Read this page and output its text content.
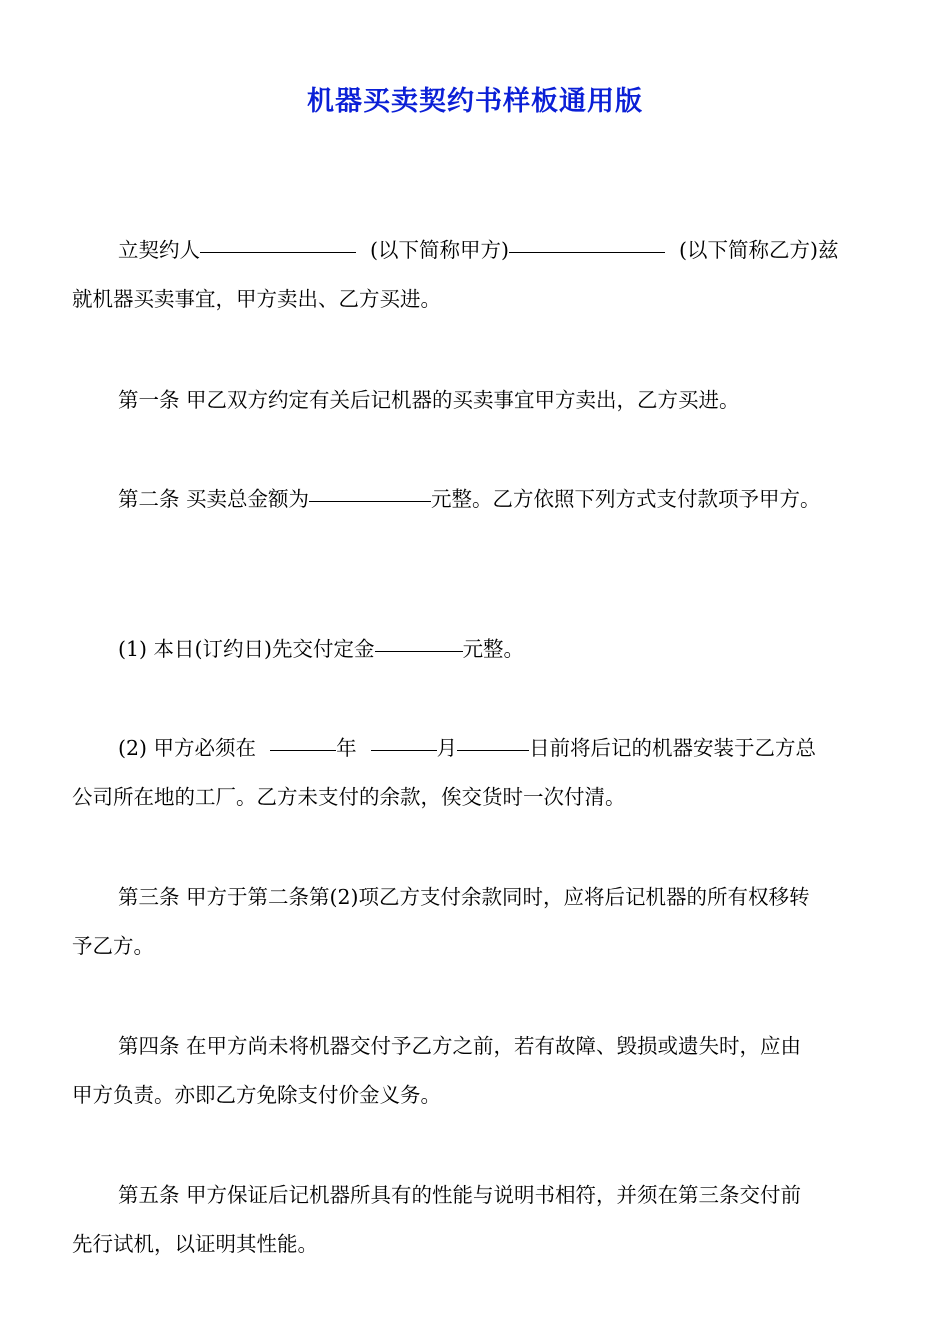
机器买卖契约书样板通用版

立契约人	(以下简称甲方)	(以下简称乙方)兹
就机器买卖事宜，甲方卖出、乙方买进。

第一条 甲乙双方约定有关后记机器的买卖事宜甲方卖出，乙方买进。

第二条 买卖总金额为	元整。乙方依照下列方式支付款项予甲方。

(1) 本日(订约日)先交付定金	元整。

(2) 甲方必须在	年	月	日前将后记的机器安装于乙方总
公司所在地的工厂。乙方未支付的余款，俟交货时一次付清。

第三条 甲方于第二条第(2)项乙方支付余款同时，应将后记机器的所有权移转
予乙方。

第四条 在甲方尚未将机器交付予乙方之前，若有故障、毁损或遗失时，应由
甲方负责。亦即乙方免除支付价金义务。

第五条 甲方保证后记机器所具有的性能与说明书相符，并须在第三条交付前
先行试机，以证明其性能。
